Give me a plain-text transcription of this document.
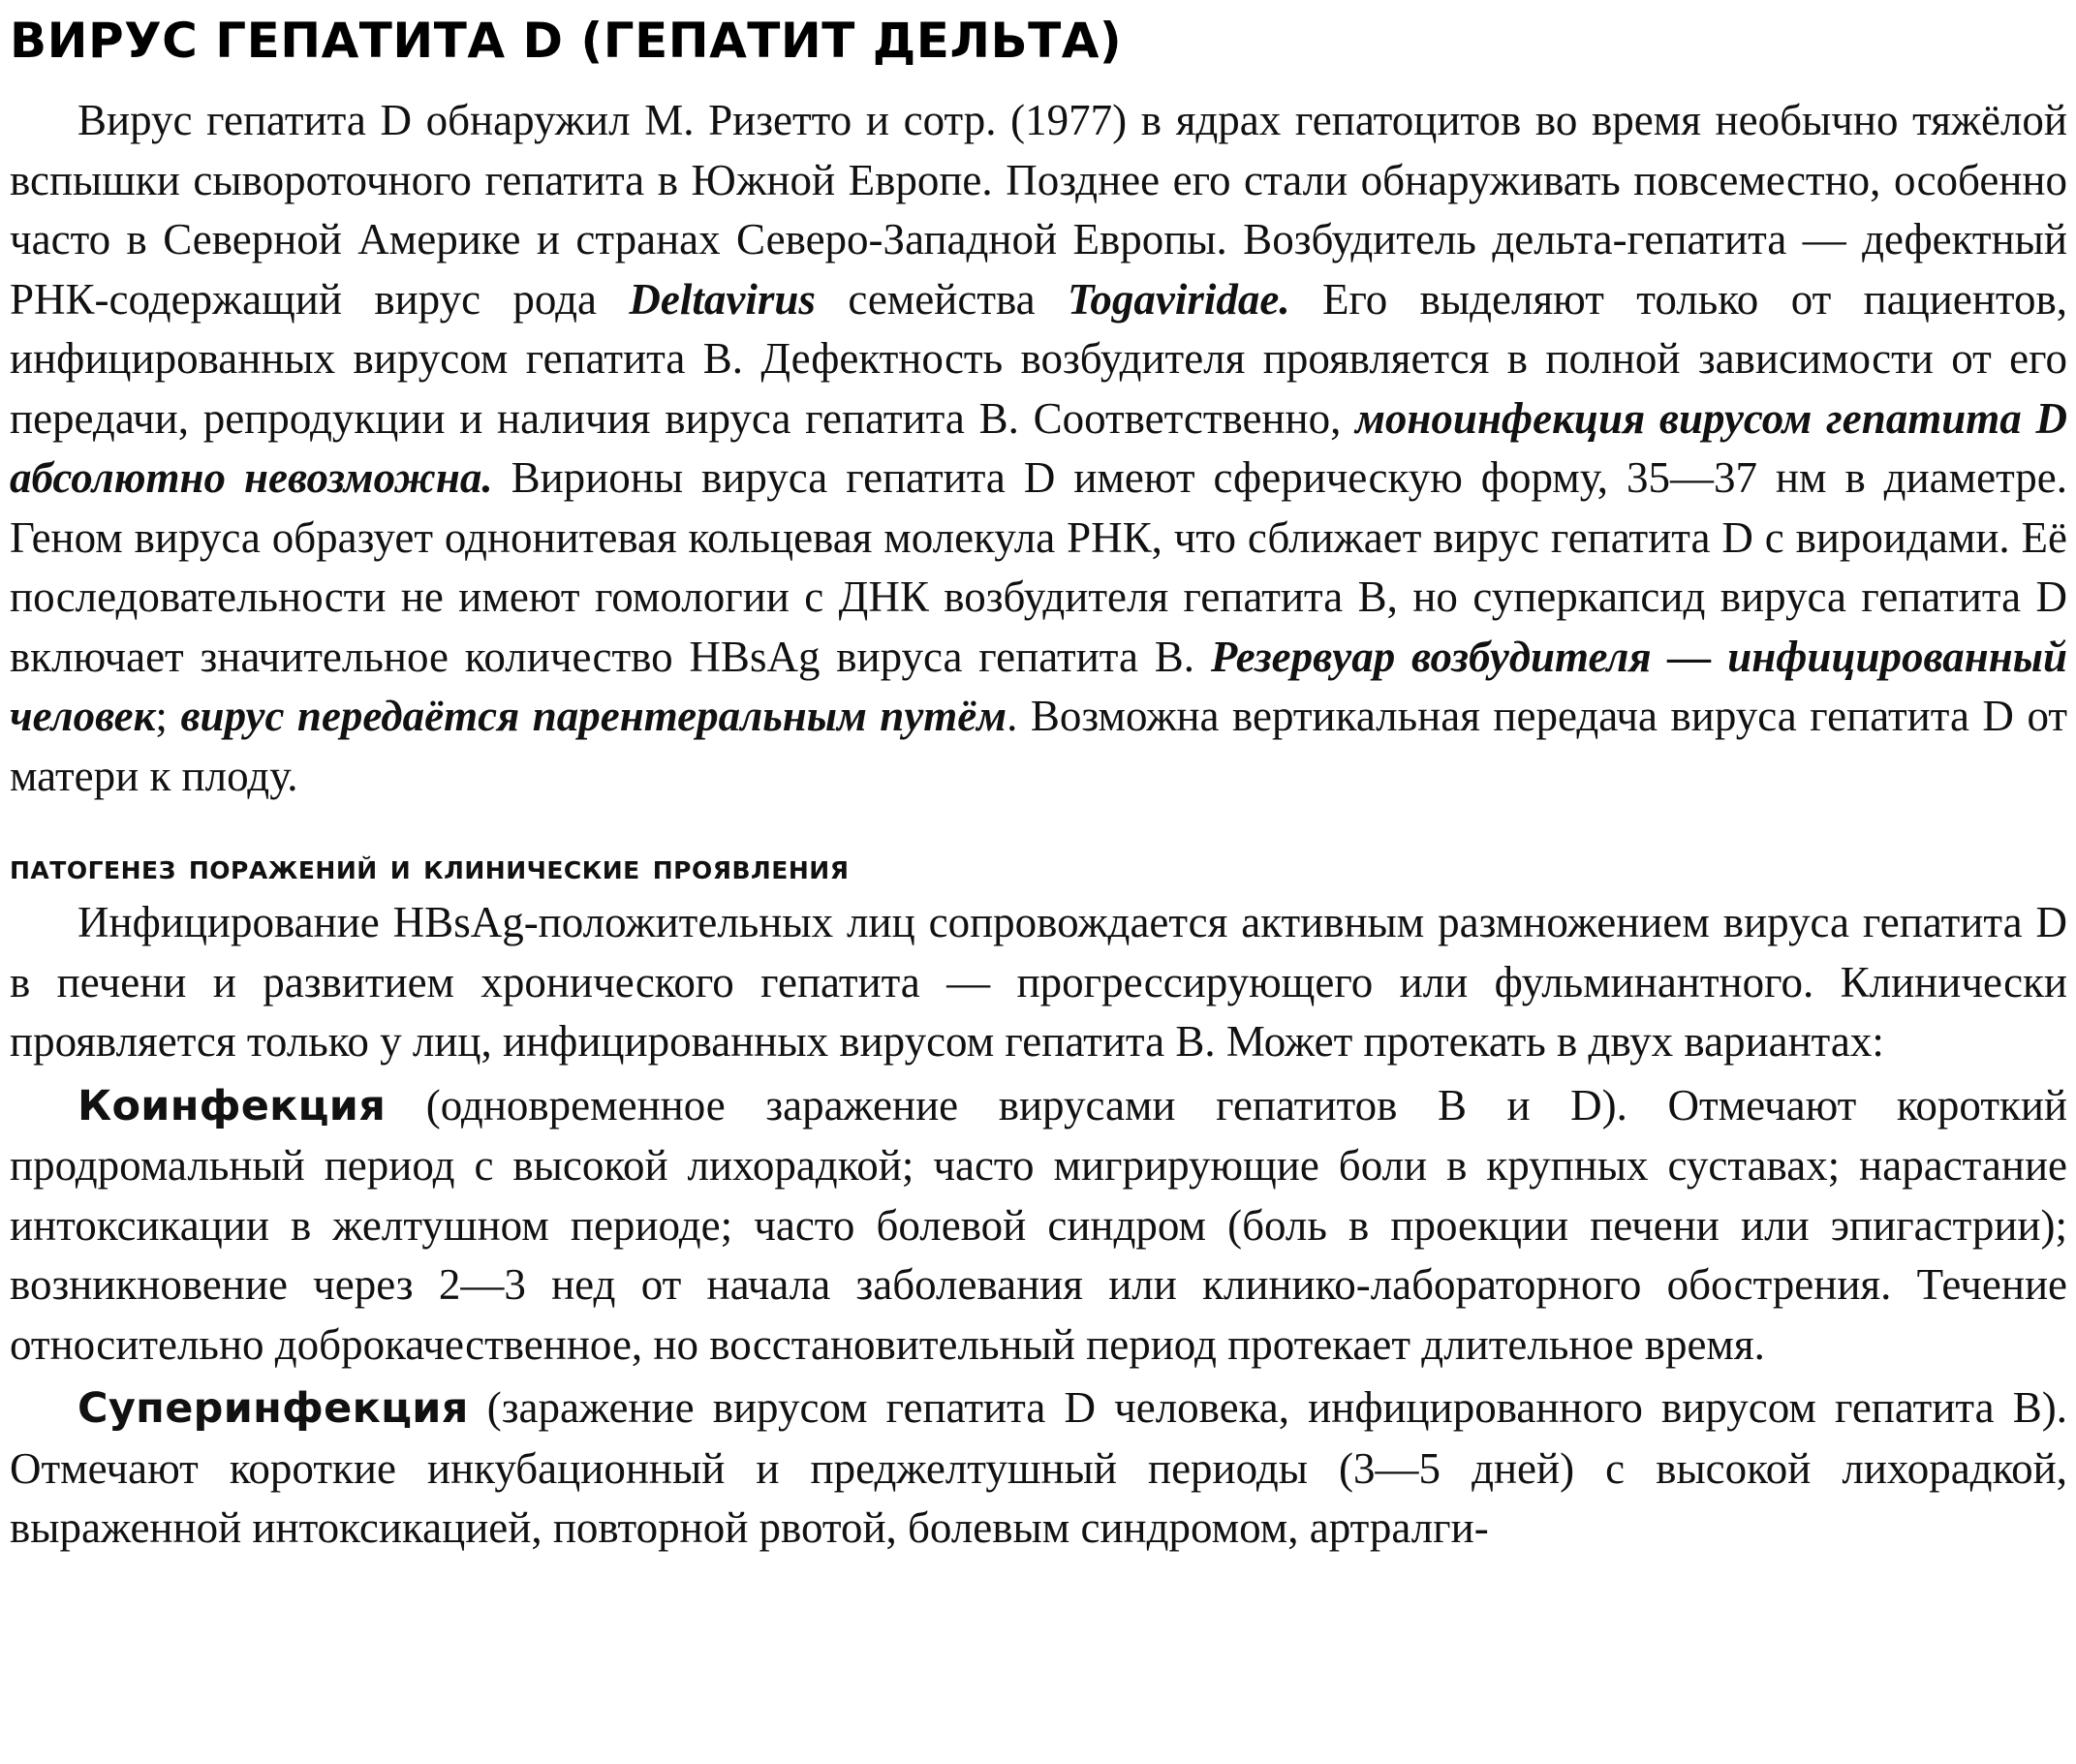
ВИРУС ГЕПАТИТА D (ГЕПАТИТ ДЕЛЬТА)

Вирус гепатита D обнаружил М. Ризетто и сотр. (1977) в ядрах гепатоцитов во время необычно тяжёлой вспышки сывороточного гепатита в Южной Европе. Позднее его стали обнаруживать повсеместно, особенно часто в Северной Америке и странах Северо-Западной Европы. Возбудитель дельта-гепатита — дефектный РНК-содержащий вирус рода Deltavirus семейства Togaviridae. Его выделяют только от пациентов, инфицированных вирусом гепатита В. Дефектность возбудителя проявляется в полной зависимости от его передачи, репродукции и наличия вируса гепатита В. Соответственно, моноинфекция вирусом гепатита D абсолютно невозможна. Вирионы вируса гепатита D имеют сферическую форму, 35—37 нм в диаметре. Геном вируса образует однонитевая кольцевая молекула РНК, что сближает вирус гепатита D с вироидами. Её последовательности не имеют гомологии с ДНК возбудителя гепатита В, но суперкапсид вируса гепатита D включает значительное количество HBsAg вируса гепатита В. Резервуар возбудителя — инфицированный человек; вирус передаётся парентеральным путём. Возможна вертикальная передача вируса гепатита D от матери к плоду.

патогенез поражений и клинические проявления

Инфицирование HBsAg-положительных лиц сопровождается активным размножением вируса гепатита D в печени и развитием хронического гепатита — прогрессирующего или фульминантного. Клинически проявляется только у лиц, инфицированных вирусом гепатита В. Может протекать в двух вариантах:

Коинфекция (одновременное заражение вирусами гепатитов В и D). Отмечают короткий продромальный период с высокой лихорадкой; часто мигрирующие боли в крупных суставах; нарастание интоксикации в желтушном периоде; часто болевой синдром (боль в проекции печени или эпигастрии); возникновение через 2—3 нед от начала заболевания или клинико-лабораторного обострения. Течение относительно доброкачественное, но восстановительный период протекает длительное время.

Суперинфекция (заражение вирусом гепатита D человека, инфицированного вирусом гепатита В). Отмечают короткие инкубационный и преджелтушный периоды (3—5 дней) с высокой лихорадкой, выраженной интоксикацией, повторной рвотой, болевым синдромом, артралги-
